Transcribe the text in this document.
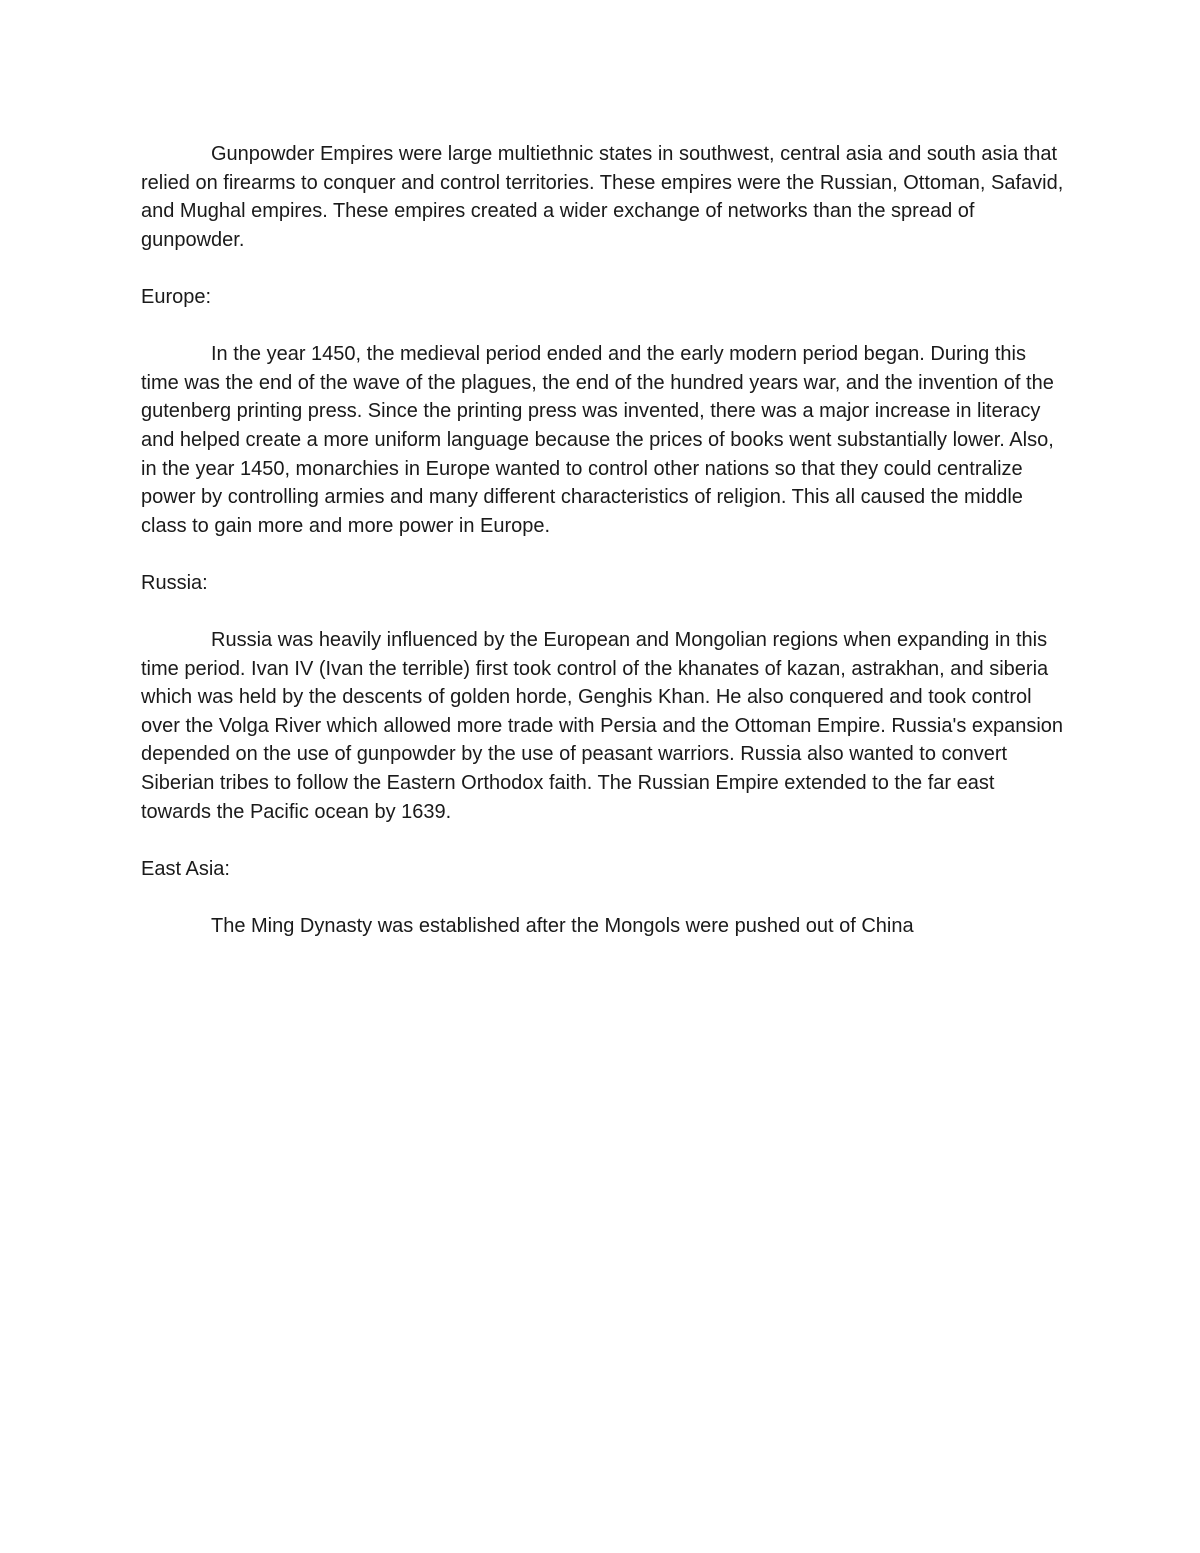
Gunpowder Empires were large multiethnic states in southwest, central asia and south asia that relied on firearms to conquer and control territories. These empires were the Russian, Ottoman, Safavid, and Mughal empires. These empires created a wider exchange of networks than the spread of gunpowder.

Europe:

In the year 1450, the medieval period ended and the early modern period began. During this time was the end of the wave of the plagues, the end of the hundred years war, and the invention of the gutenberg printing press. Since the printing press was invented, there was a major increase in literacy and helped create a more uniform language because the prices of books went substantially lower. Also, in the year 1450, monarchies in Europe wanted to control other nations so that they could centralize power by controlling armies and many different characteristics of religion. This all caused the middle class to gain more and more power in Europe.

Russia:

Russia was heavily influenced by the European and Mongolian regions when expanding in this time period. Ivan IV (Ivan the terrible) first took control of the khanates of kazan, astrakhan, and siberia which was held by the descents of golden horde, Genghis Khan. He also conquered and took control over the Volga River which allowed more trade with Persia and the Ottoman Empire. Russia's expansion depended on the use of gunpowder by the use of peasant warriors. Russia also wanted to convert Siberian tribes to follow the Eastern Orthodox faith. The Russian Empire extended to the far east towards the Pacific ocean by 1639.

East Asia:

The Ming Dynasty was established after the Mongols were pushed out of China
